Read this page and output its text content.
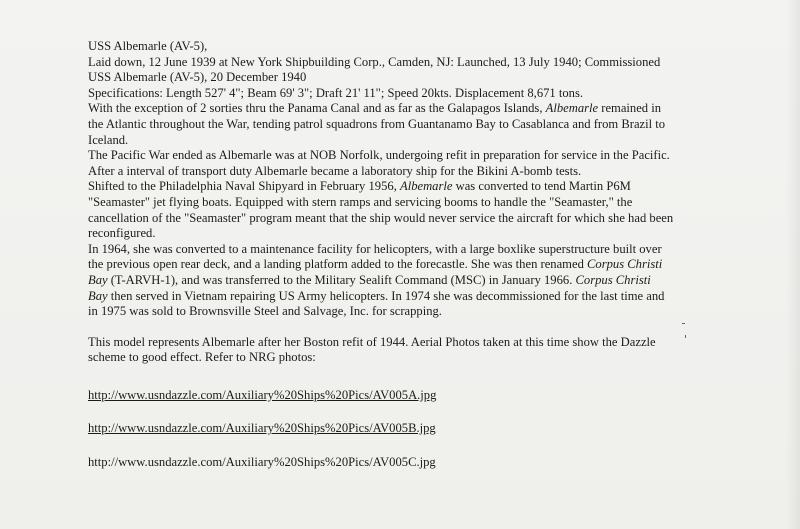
USS Albemarle (AV-5),
Laid down, 12 June 1939 at New York Shipbuilding Corp., Camden, NJ: Launched, 13 July 1940; Commissioned
USS Albemarle (AV-5), 20 December 1940
Specifications: Length 527' 4"; Beam 69' 3"; Draft 21' 11"; Speed 20kts. Displacement 8,671 tons.
With the exception of 2 sorties thru the Panama Canal and as far as the Galapagos Islands, Albemarle remained in
the Atlantic throughout the War, tending patrol squadrons from Guantanamo Bay to Casablanca and from Brazil to
Iceland.
The Pacific War ended as Albemarle was at NOB Norfolk, undergoing refit in preparation for service in the Pacific.
After a interval of transport duty Albemarle became a laboratory ship for the Bikini A-bomb tests.
Shifted to the Philadelphia Naval Shipyard in February 1956, Albemarle was converted to tend Martin P6M
"Seamaster" jet flying boats. Equipped with stern ramps and servicing booms to handle the "Seamaster," the
cancellation of the "Seamaster" program meant that the ship would never service the aircraft for which she had been
reconfigured.
In 1964, she was converted to a maintenance facility for helicopters, with a large boxlike superstructure built over
the previous open rear deck, and a landing platform added to the forecastle. She was then renamed Corpus Christi
Bay (T-ARVH-1), and was transferred to the Military Sealift Command (MSC) in January 1966. Corpus Christi
Bay then served in Vietnam repairing US Army helicopters. In 1974 she was decommissioned for the last time and
in 1975 was sold to Brownsville Steel and Salvage, Inc. for scrapping.
This model represents Albemarle after her Boston refit of 1944. Aerial Photos taken at this time show the Dazzle
scheme to good effect. Refer to NRG photos:
http://www.usndazzle.com/Auxiliary%20Ships%20Pics/AV005A.jpg
http://www.usndazzle.com/Auxiliary%20Ships%20Pics/AV005B.jpg
http://www.usndazzle.com/Auxiliary%20Ships%20Pics/AV005C.jpg
